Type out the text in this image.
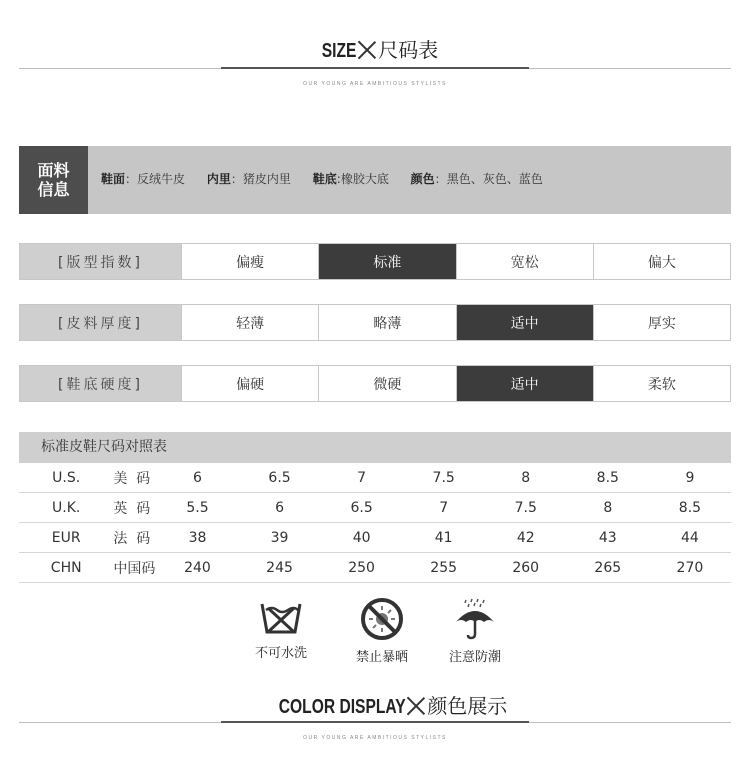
SIZE 尺码表
OUR YOUNG ARE AMBITIOUS STYLISTS
面料
信息
鞋面：反绒牛皮 内里：猪皮内里 鞋底:橡胶大底 颜色：黑色、灰色、蓝色
[版型指数]	偏瘦	标准	宽松	偏大
[皮料厚度]	轻薄	略薄	适中	厚实
[鞋底硬度]	偏硬	微硬	适中	柔软
标准皮鞋尺码对照表
U.S.	美  码	6	6.5	7	7.5	8	8.5	9
U.K.	英  码	5.5	6	6.5	7	7.5	8	8.5
EUR	法  码	38	39	40	41	42	43	44
CHN	中国码	240	245	250	255	260	265	270
不可水洗	禁止暴晒	注意防潮
COLOR DISPLAY 颜色展示
OUR YOUNG ARE AMBITIOUS STYLISTS
